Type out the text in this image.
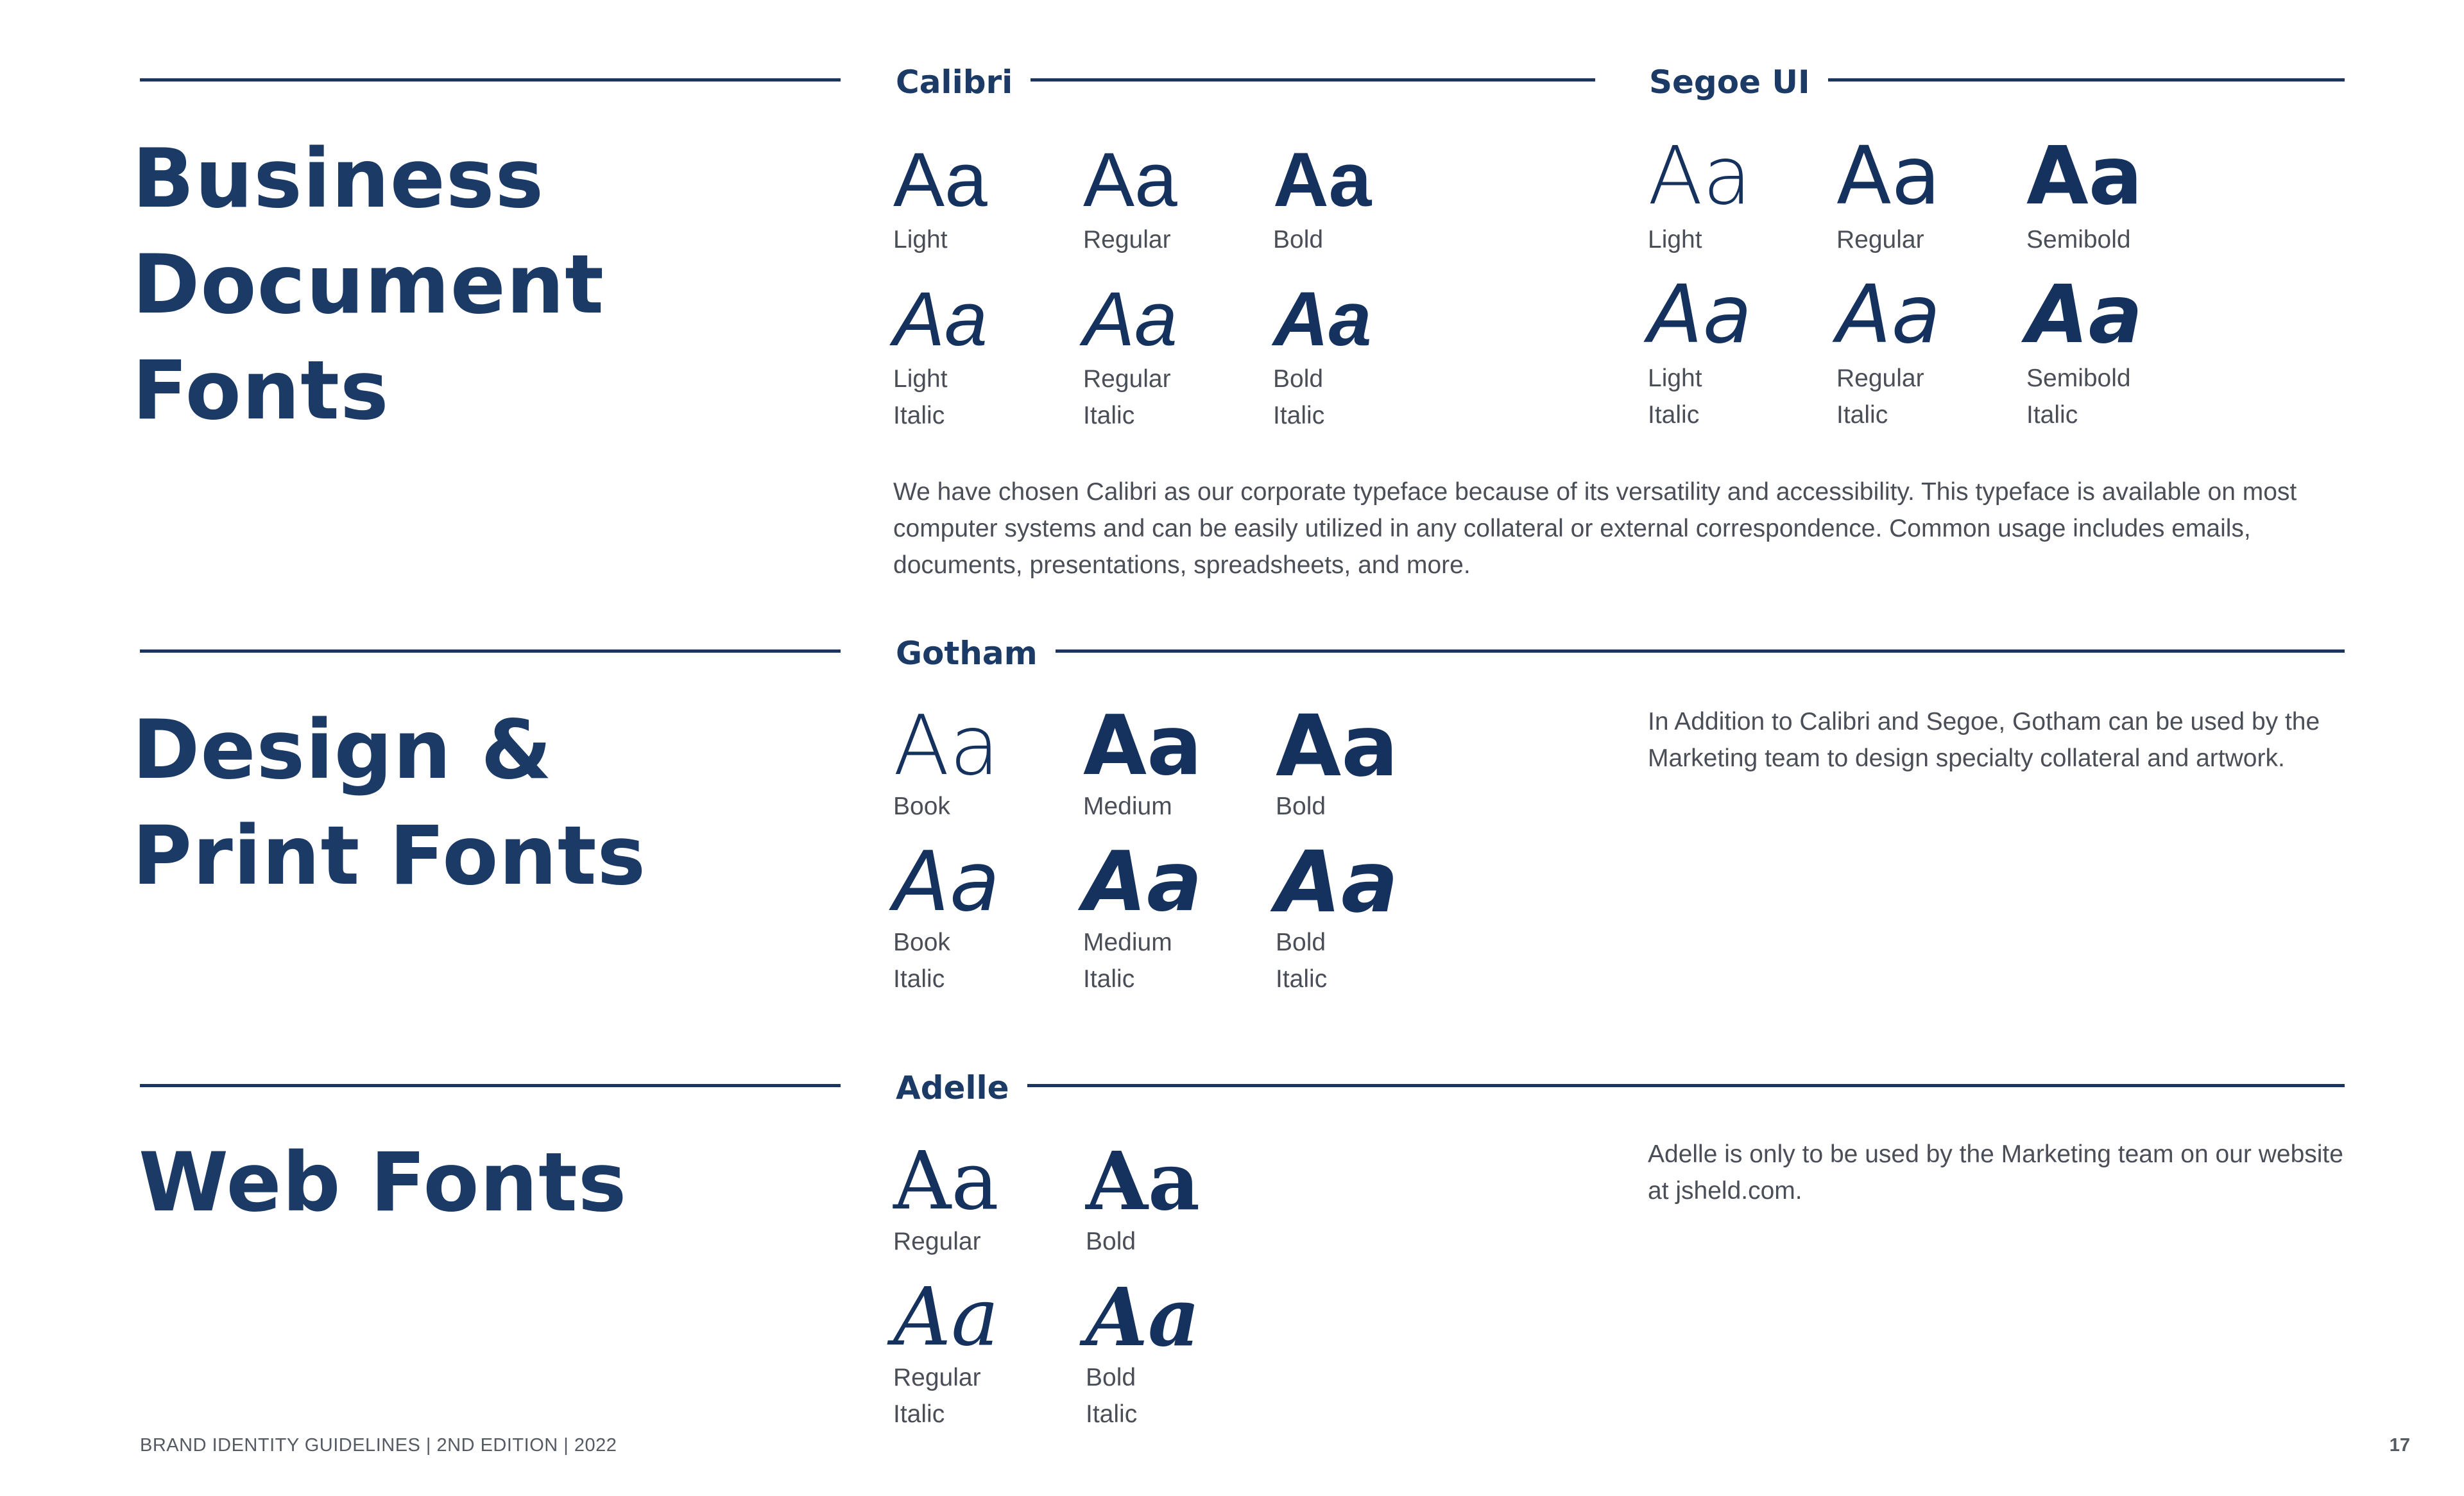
Business
Document
Fonts
Calibri
Aa
Light
Aa
Regular
Aa
Bold
Aa
Light
Italic
Aa
Regular
Italic
Aa
Bold
Italic
Segoe UI
Aa
Light
Aa
Regular
Aa
Semibold
Aa
Light
Italic
Aa
Regular
Italic
Aa
Semibold
Italic

We have chosen Calibri as our corporate typeface because of its versatility and accessibility. This typeface is available on most computer systems and can be easily utilized in any collateral or external correspondence. Common usage includes emails, documents, presentations, spreadsheets, and more.

Design &
Print Fonts
Gotham
Aa
Book
Aa
Medium
Aa
Bold
Aa
Book
Italic
Aa
Medium
Italic
Aa
Bold
Italic

In Addition to Calibri and Segoe, Gotham can be used by the Marketing team to design specialty collateral and artwork.

Web Fonts
Adelle
Aa
Regular
Aa
Bold
Aa
Regular
Italic
Aa
Bold
Italic

Adelle is only to be used by the Marketing team on our website at jsheld.com.

BRAND IDENTITY GUIDELINES | 2ND EDITION | 2022	17
